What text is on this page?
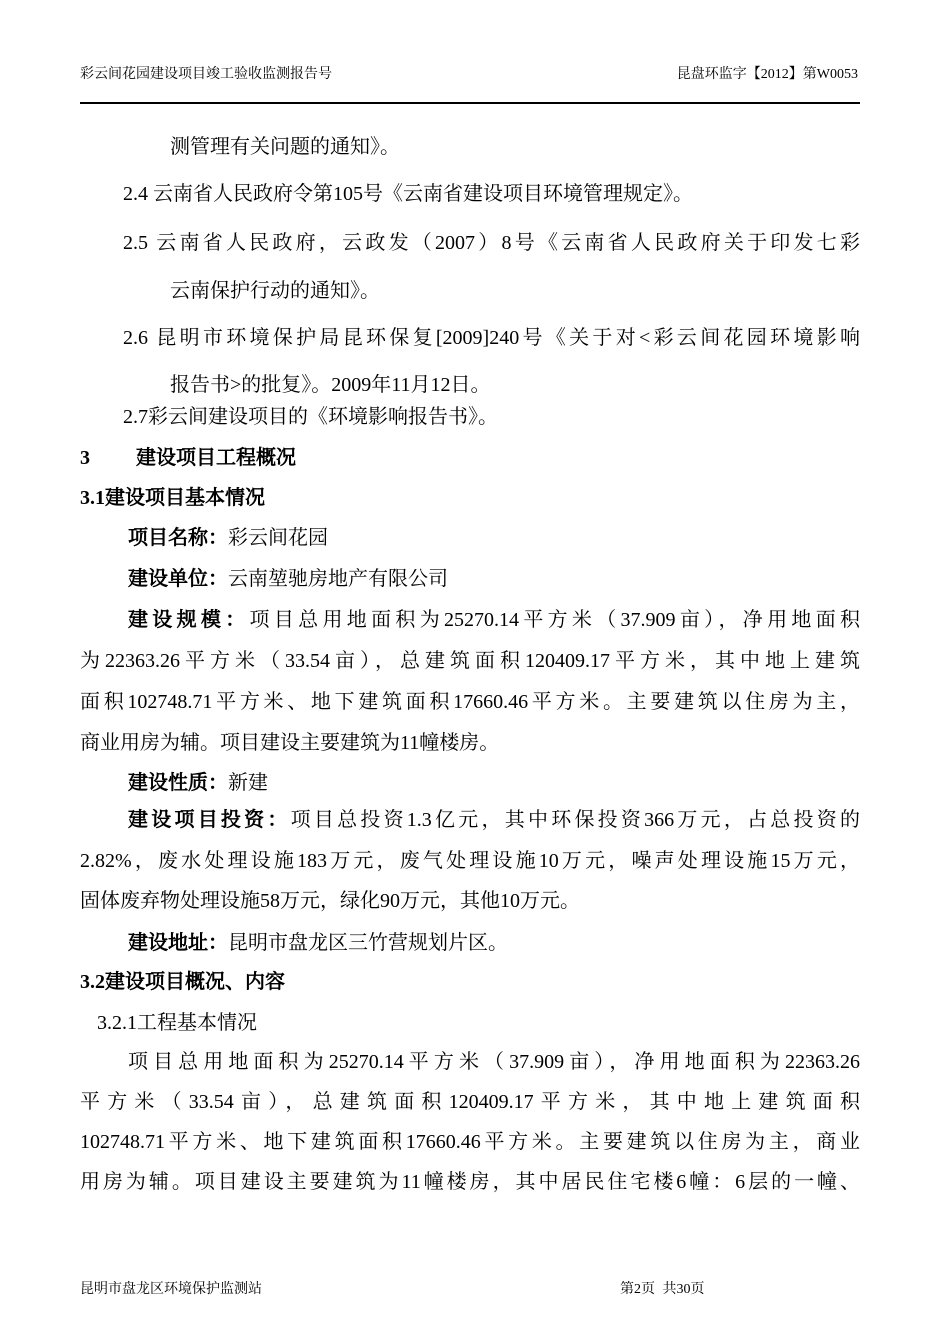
彩云间花园建设项目竣工验收监测报告号	昆盘环监字【2012】第W0053
测管理有关问题的通知》。
2.4 云南省人民政府令第105号《云南省建设项目环境管理规定》。
2.5 云南省人民政府，云政发（2007）8号《云南省人民政府关于印发七彩
云南保护行动的通知》。
2.6 昆明市环境保护局昆环保复[2009]240号《关于对<彩云间花园环境影响
报告书>的批复》。2009年11月12日。
2.7彩云间建设项目的《环境影响报告书》。
3 建设项目工程概况
3.1建设项目基本情况
项目名称：彩云间花园
建设单位：云南堃驰房地产有限公司
建设规模：项目总用地面积为25270.14平方米（37.909亩），净用地面积
为22363.26平方米（33.54亩），总建筑面积120409.17平方米，其中地上建筑
面积102748.71平方米、地下建筑面积17660.46平方米。主要建筑以住房为主，
商业用房为辅。项目建设主要建筑为11幢楼房。
建设性质：新建
建设项目投资：项目总投资1.3亿元，其中环保投资366万元，占总投资的
2.82%，废水处理设施183万元，废气处理设施10万元，噪声处理设施15万元，
固体废弃物处理设施58万元，绿化90万元，其他10万元。
建设地址：昆明市盘龙区三竹营规划片区。
3.2建设项目概况、内容
3.2.1工程基本情况
项目总用地面积为25270.14平方米（37.909亩），净用地面积为22363.26
平方米（33.54亩），总建筑面积120409.17平方米，其中地上建筑面积
102748.71平方米、地下建筑面积17660.46平方米。主要建筑以住房为主，商业
用房为辅。项目建设主要建筑为11幢楼房，其中居民住宅楼6幢：6层的一幢、
昆明市盘龙区环境保护监测站	第2页 共30页
